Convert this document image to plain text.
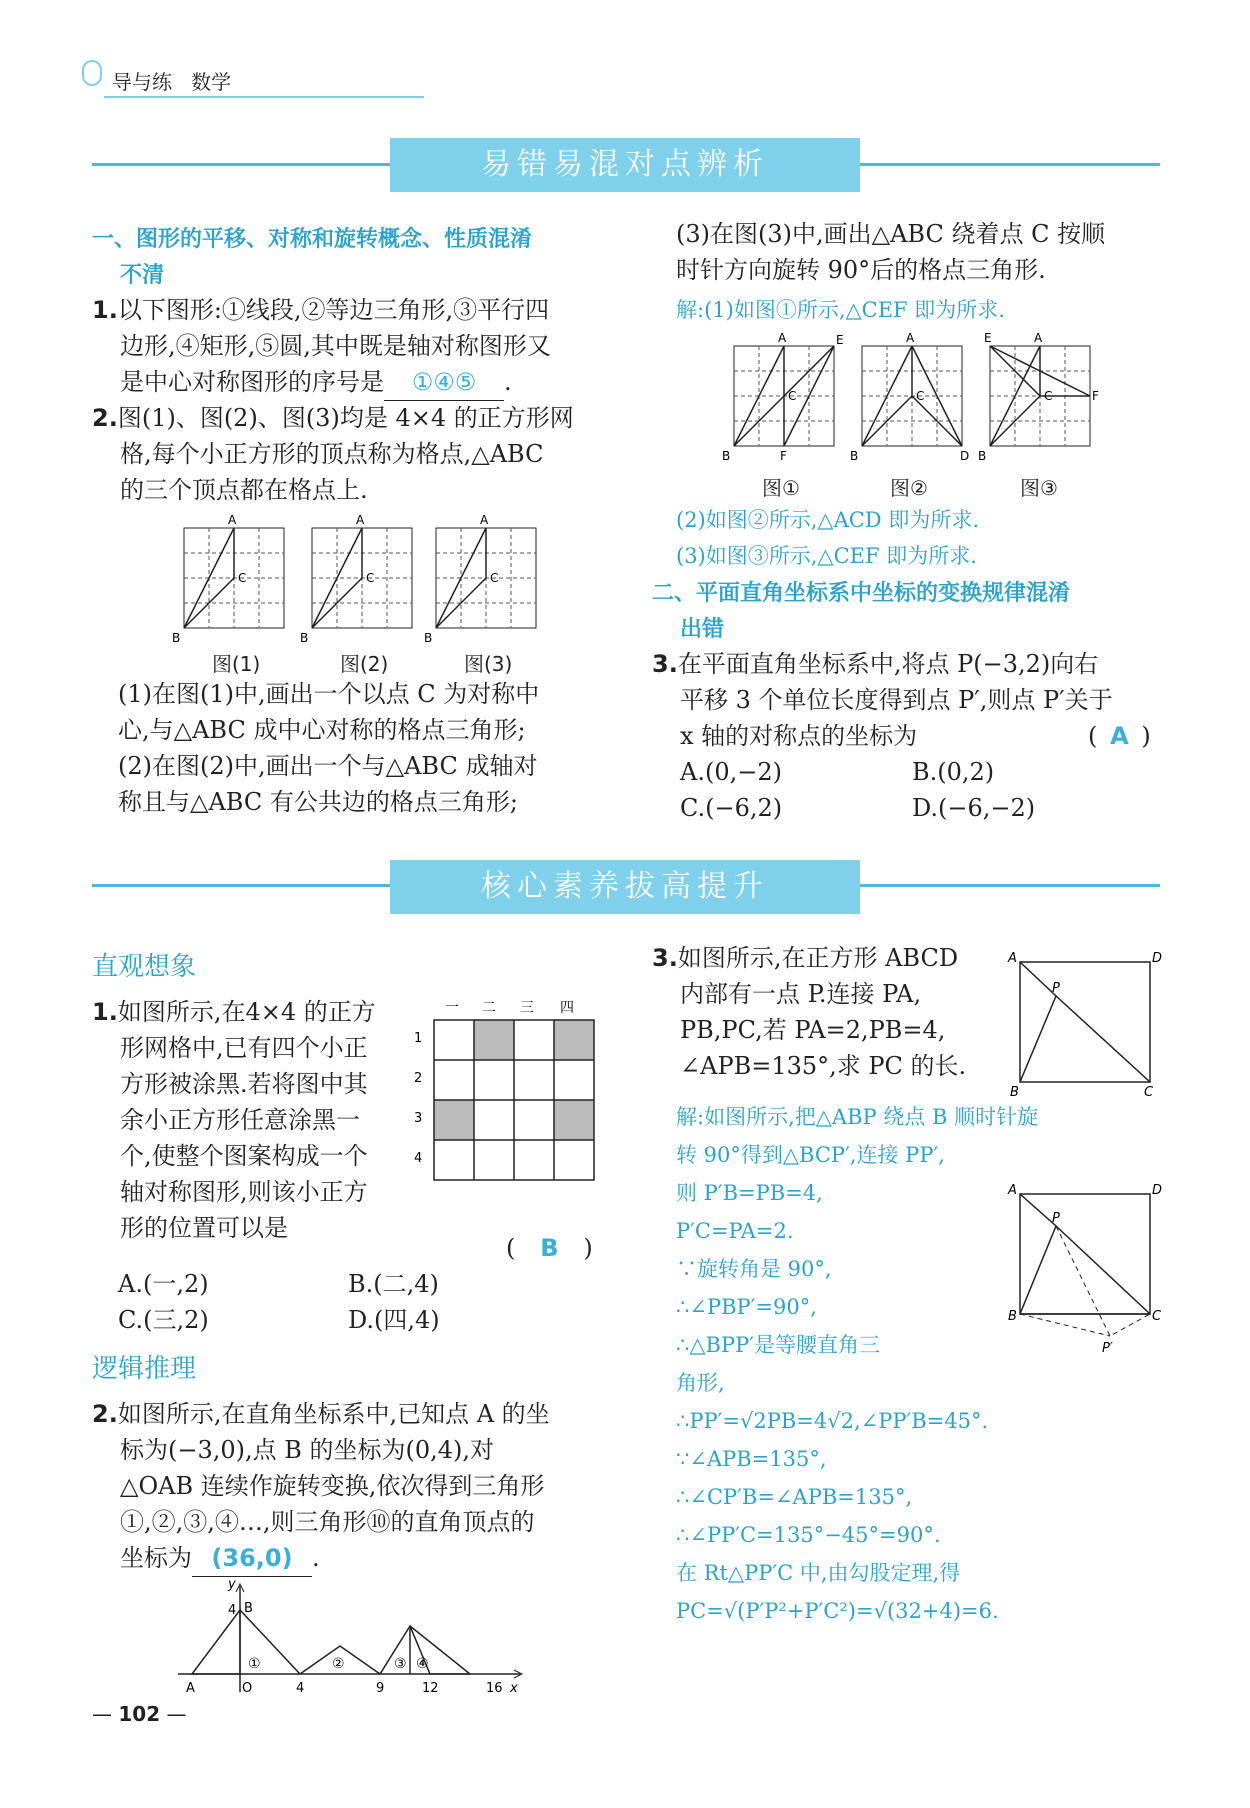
导与练 数学
易错易混对点辨析
一、图形的平移、对称和旋转概念、性质混淆
不清
1.以下图形:①线段,②等边三角形,③平行四
边形,④矩形,⑤圆,其中既是轴对称图形又
是中心对称图形的序号是 ①④⑤ .
2.图(1)、图(2)、图(3)均是 4×4 的正方形网
格,每个小正方形的顶点称为格点,△ABC
的三个顶点都在格点上.
A
C
B
A
C
B
A
C
B
图(1)	图(2)	图(3)
(1)在图(1)中,画出一个以点 C 为对称中
心,与△ABC 成中心对称的格点三角形;
(2)在图(2)中,画出一个与△ABC 成轴对
称且与△ABC 有公共边的格点三角形;
(3)在图(3)中,画出△ABC 绕着点 C 按顺
时针方向旋转 90°后的格点三角形.
解:(1)如图①所示,△CEF 即为所求.
A	E
C
B	F
A
C
B	D
A
E
C
B
F
图①	图②	图③
(2)如图②所示,△ACD 即为所求.
(3)如图③所示,△CEF 即为所求.
二、平面直角坐标系中坐标的变换规律混淆
出错
3.在平面直角坐标系中,将点 P(−3,2)向右
平移 3 个单位长度得到点 P′,则点 P′关于
x 轴的对称点的坐标为	( A )
A.(0,−2)	B.(0,2)
C.(−6,2)	D.(−6,−2)
核心素养拔高提升
直观想象
1.如图所示,在4×4 的正方
形网格中,已有四个小正
方形被涂黑.若将图中其
余小正方形任意涂黑一
个,使整个图案构成一个
轴对称图形,则该小正方
形的位置可以是
( B )
一 二 三 四
1
2
3
4
A.(一,2)	B.(二,4)
C.(三,2)	D.(四,4)
逻辑推理
2.如图所示,在直角坐标系中,已知点 A 的坐
标为(−3,0),点 B 的坐标为(0,4),对
△OAB 连续作旋转变换,依次得到三角形
①,②,③,④…,则三角形⑩的直角顶点的
坐标为 (36,0) .
y
x
A	O
B
4
4	9	12	16
①	②	③ ④
3.如图所示,在正方形 ABCD
内部有一点 P.连接 PA,
PB,PC,若 PA=2,PB=4,
∠APB=135°,求 PC 的长.
A	D
B	C
P
解:如图所示,把△ABP 绕点 B 顺时针旋
转 90°得到△BCP′,连接 PP′,
则 P′B=PB=4,
P′C=PA=2.
∵旋转角是 90°,
∴∠PBP′=90°,
∴△BPP′是等腰直角三
角形,
∴PP′=√2PB=4√2,∠PP′B=45°.
∵∠APB=135°,
∴∠CP′B=∠APB=135°,
∴∠PP′C=135°−45°=90°.
在 Rt△PP′C 中,由勾股定理,得
PC=√(P′P²+P′C²)=√(32+4)=6.
A	D
B	C
P
P′
— 102 —
